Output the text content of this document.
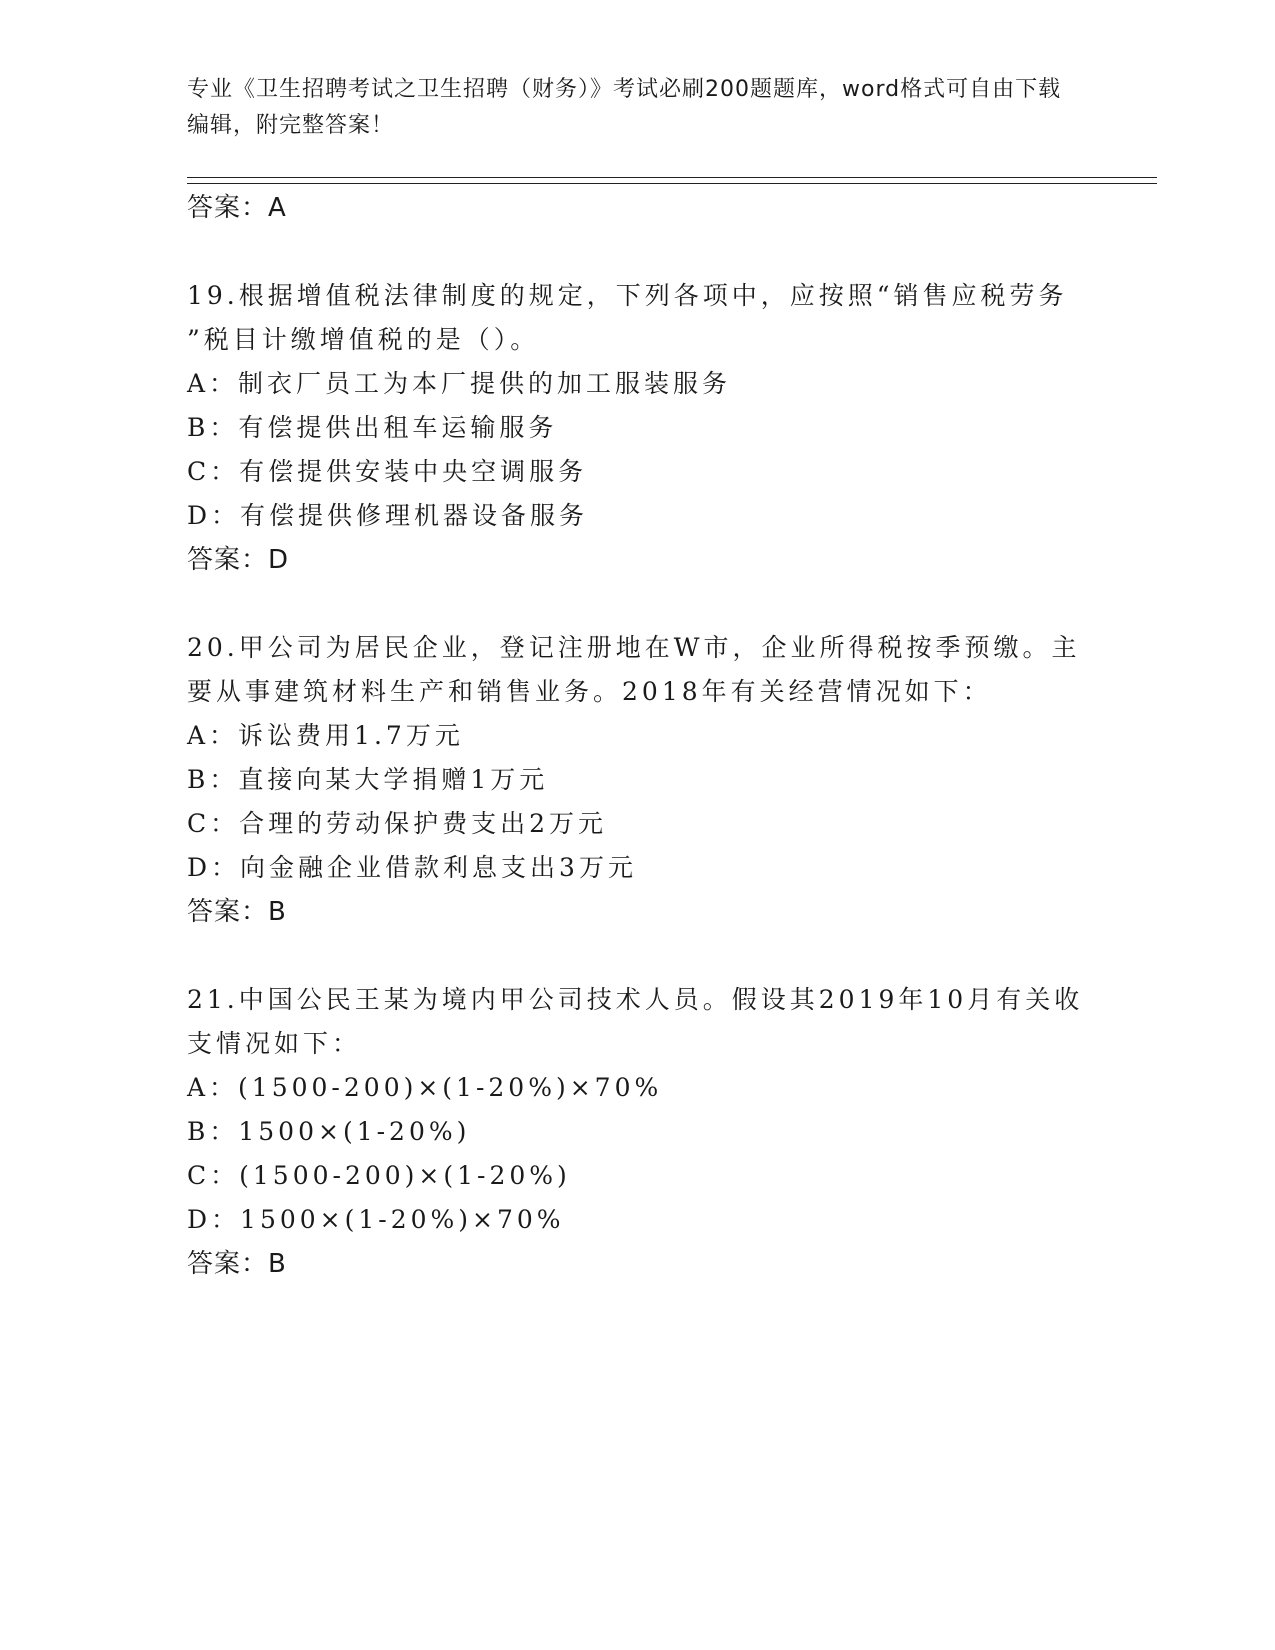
专业《卫生招聘考试之卫生招聘（财务）》考试必刷200题题库，word格式可自由下载编辑，附完整答案！
答案：A
19.根据增值税法律制度的规定，下列各项中，应按照“销售应税劳务
”税目计缴增值税的是（）。
A：制衣厂员工为本厂提供的加工服装服务
B：有偿提供出租车运输服务
C：有偿提供安装中央空调服务
D：有偿提供修理机器设备服务
答案：D
20.甲公司为居民企业，登记注册地在W市，企业所得税按季预缴。主
要从事建筑材料生产和销售业务。2018年有关经营情况如下：
A：诉讼费用1.7万元
B：直接向某大学捐赠1万元
C：合理的劳动保护费支出2万元
D：向金融企业借款利息支出3万元
答案：B
21.中国公民王某为境内甲公司技术人员。假设其2019年10月有关收
支情况如下：
A：(1500-200)×(1-20%)×70%
B：1500×(1-20%)
C：(1500-200)×(1-20%)
D：1500×(1-20%)×70%
答案：B
